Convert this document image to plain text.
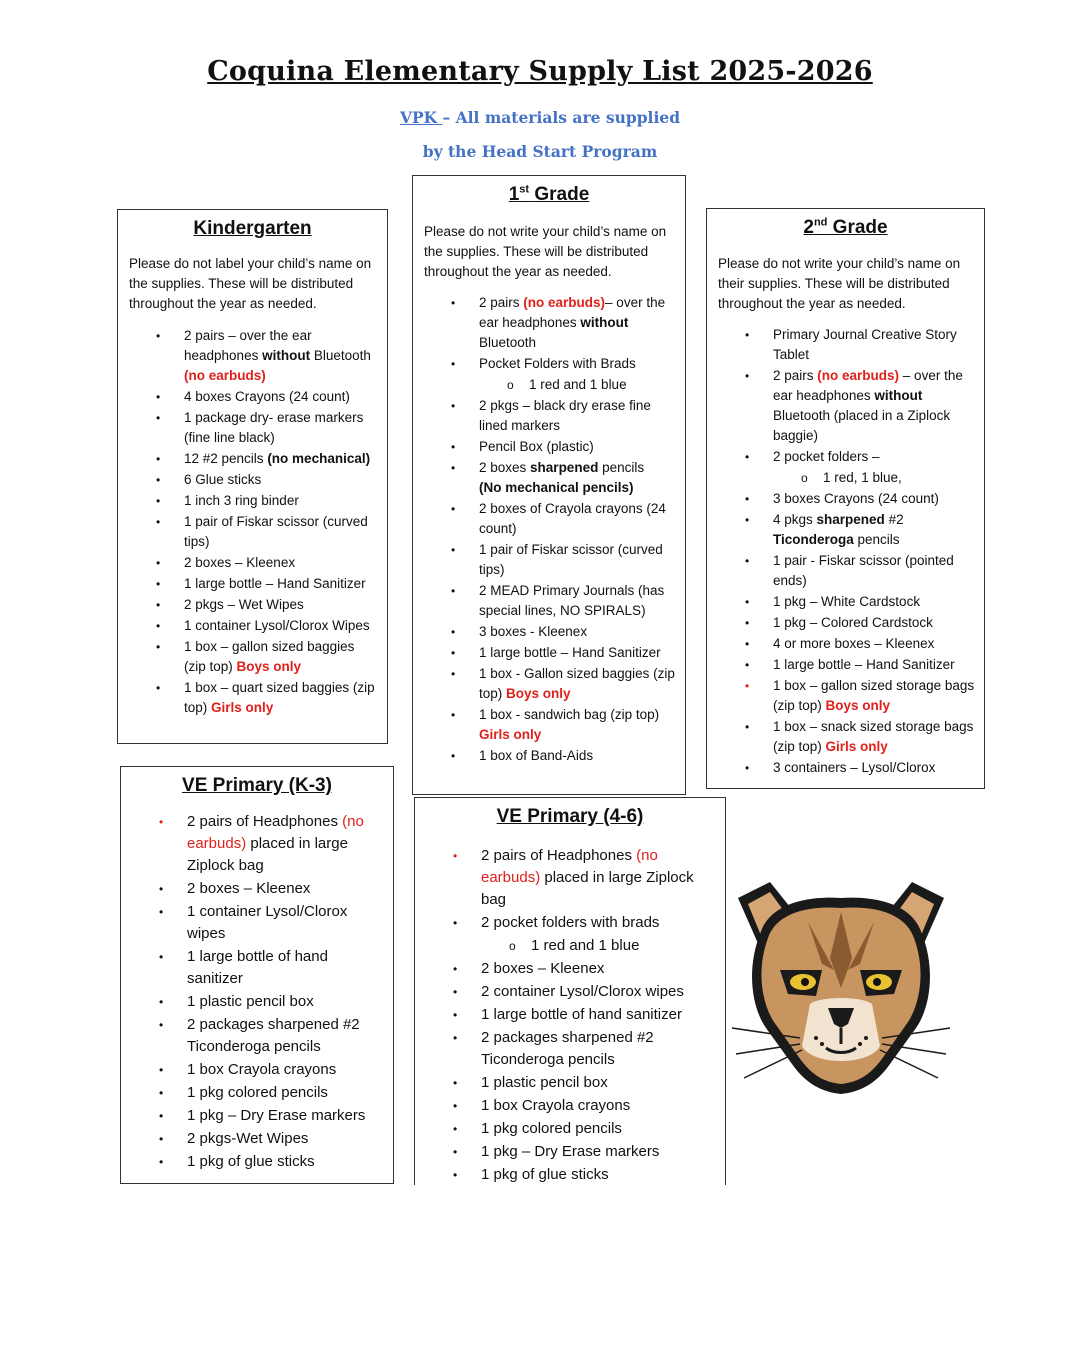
Coquina Elementary Supply List 2025-2026
VPK – All materials are supplied
by the Head Start Program
Kindergarten

Please do not label your child’s name on the supplies. These will be distributed throughout the year as needed.

• 2 pairs – over the ear headphones without Bluetooth (no earbuds)
• 4 boxes Crayons (24 count)
• 1 package dry- erase markers (fine line black)
• 12 #2 pencils (no mechanical)
• 6 Glue sticks
• 1 inch 3 ring binder
• 1 pair of Fiskar scissor (curved tips)
• 2 boxes – Kleenex
• 1 large bottle – Hand Sanitizer
• 2 pkgs – Wet Wipes
• 1 container Lysol/Clorox Wipes
• 1 box – gallon sized baggies (zip top) Boys only
• 1 box – quart sized baggies (zip top) Girls only
1st Grade

Please do not write your child’s name on the supplies. These will be distributed throughout the year as needed.

• 2 pairs (no earbuds)– over the ear headphones without Bluetooth
• Pocket Folders with Brads
o 1 red and 1 blue
• 2 pkgs – black dry erase fine lined markers
• Pencil Box (plastic)
• 2 boxes sharpened pencils
(No mechanical pencils)
• 2 boxes of Crayola crayons (24 count)
• 1 pair of Fiskar scissor (curved tips)
• 2 MEAD Primary Journals (has special lines, NO SPIRALS)
• 3 boxes - Kleenex
• 1 large bottle – Hand Sanitizer
• 1 box - Gallon sized baggies (zip top) Boys only
• 1 box - sandwich bag (zip top) Girls only
• 1 box of Band-Aids
2nd Grade

Please do not write your child’s name on their supplies. These will be distributed throughout the year as needed.

• Primary Journal Creative Story Tablet
• 2 pairs (no earbuds) – over the ear headphones without Bluetooth (placed in a Ziplock baggie)
• 2 pocket folders –
o 1 red, 1 blue,
• 3 boxes Crayons (24 count)
• 4 pkgs sharpened #2 Ticonderoga pencils
• 1 pair - Fiskar scissor (pointed ends)
• 1 pkg – White Cardstock
• 1 pkg – Colored Cardstock
• 4 or more boxes – Kleenex
• 1 large bottle – Hand Sanitizer
• 1 box – gallon sized storage bags (zip top) Boys only
• 1 box – snack sized storage bags (zip top) Girls only
• 3 containers – Lysol/Clorox
VE Primary (K-3)
• 2 pairs of Headphones (no earbuds) placed in large Ziplock bag
• 2 boxes – Kleenex
• 1 container Lysol/Clorox wipes
• 1 large bottle of hand sanitizer
• 1 plastic pencil box
• 2 packages sharpened #2 Ticonderoga pencils
• 1 box Crayola crayons
• 1 pkg colored pencils
• 1 pkg – Dry Erase markers
• 2 pkgs-Wet Wipes
• 1 pkg of glue sticks
VE Primary (4-6)
• 2 pairs of Headphones (no earbuds) placed in large Ziplock bag
• 2 pocket folders with brads
o 1 red and 1 blue
• 2 boxes – Kleenex
• 2 container Lysol/Clorox wipes
• 1 large bottle of hand sanitizer
• 2 packages sharpened #2 Ticonderoga pencils
• 1 plastic pencil box
• 1 box Crayola crayons
• 1 pkg colored pencils
• 1 pkg – Dry Erase markers
• 1 pkg of glue sticks
